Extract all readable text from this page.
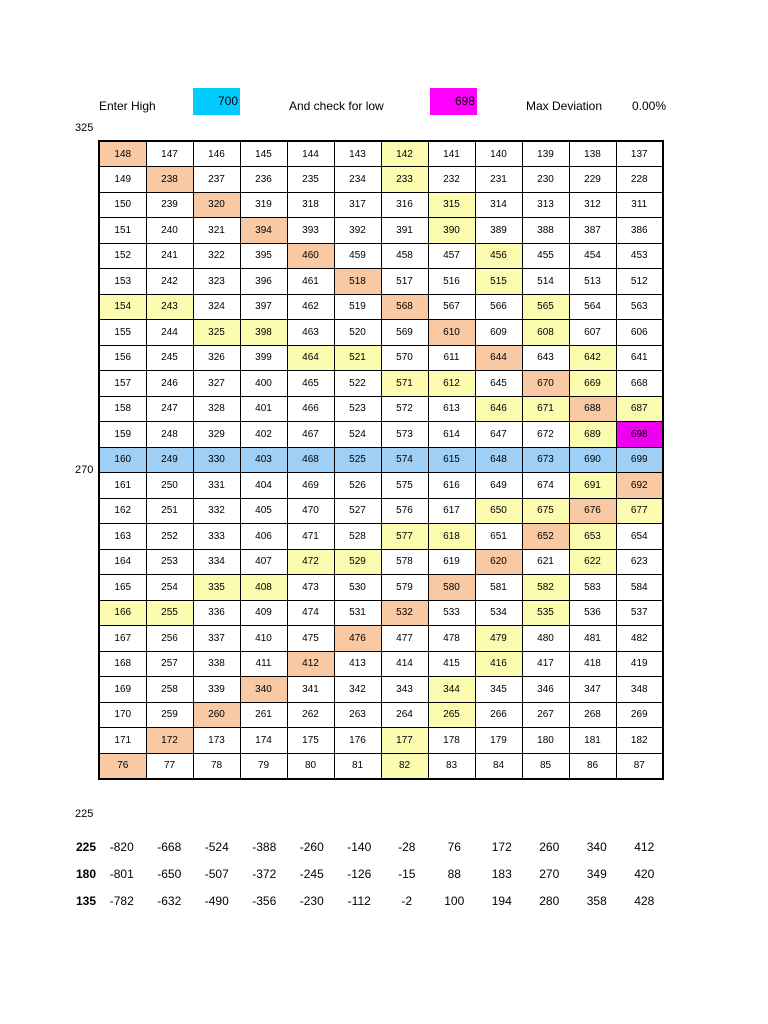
Enter High	700	And check for low	698	Max Deviation 0.00%
325
270
225
148	147	146	145	144	143	142	141	140	139	138	137
149	238	237	236	235	234	233	232	231	230	229	228
150	239	320	319	318	317	316	315	314	313	312	311
151	240	321	394	393	392	391	390	389	388	387	386
152	241	322	395	460	459	458	457	456	455	454	453
153	242	323	396	461	518	517	516	515	514	513	512
154	243	324	397	462	519	568	567	566	565	564	563
155	244	325	398	463	520	569	610	609	608	607	606
156	245	326	399	464	521	570	611	644	643	642	641
157	246	327	400	465	522	571	612	645	670	669	668
158	247	328	401	466	523	572	613	646	671	688	687
159	248	329	402	467	524	573	614	647	672	689	698
160	249	330	403	468	525	574	615	648	673	690	699
161	250	331	404	469	526	575	616	649	674	691	692
162	251	332	405	470	527	576	617	650	675	676	677
163	252	333	406	471	528	577	618	651	652	653	654
164	253	334	407	472	529	578	619	620	621	622	623
165	254	335	408	473	530	579	580	581	582	583	584
166	255	336	409	474	531	532	533	534	535	536	537
167	256	337	410	475	476	477	478	479	480	481	482
168	257	338	411	412	413	414	415	416	417	418	419
169	258	339	340	341	342	343	344	345	346	347	348
170	259	260	261	262	263	264	265	266	267	268	269
171	172	173	174	175	176	177	178	179	180	181	182
76	77	78	79	80	81	82	83	84	85	86	87
225	-820	-668	-524	-388	-260	-140	-28	76	172	260	340	412
180	-801	-650	-507	-372	-245	-126	-15	88	183	270	349	420
135	-782	-632	-490	-356	-230	-112	-2	100	194	280	358	428
